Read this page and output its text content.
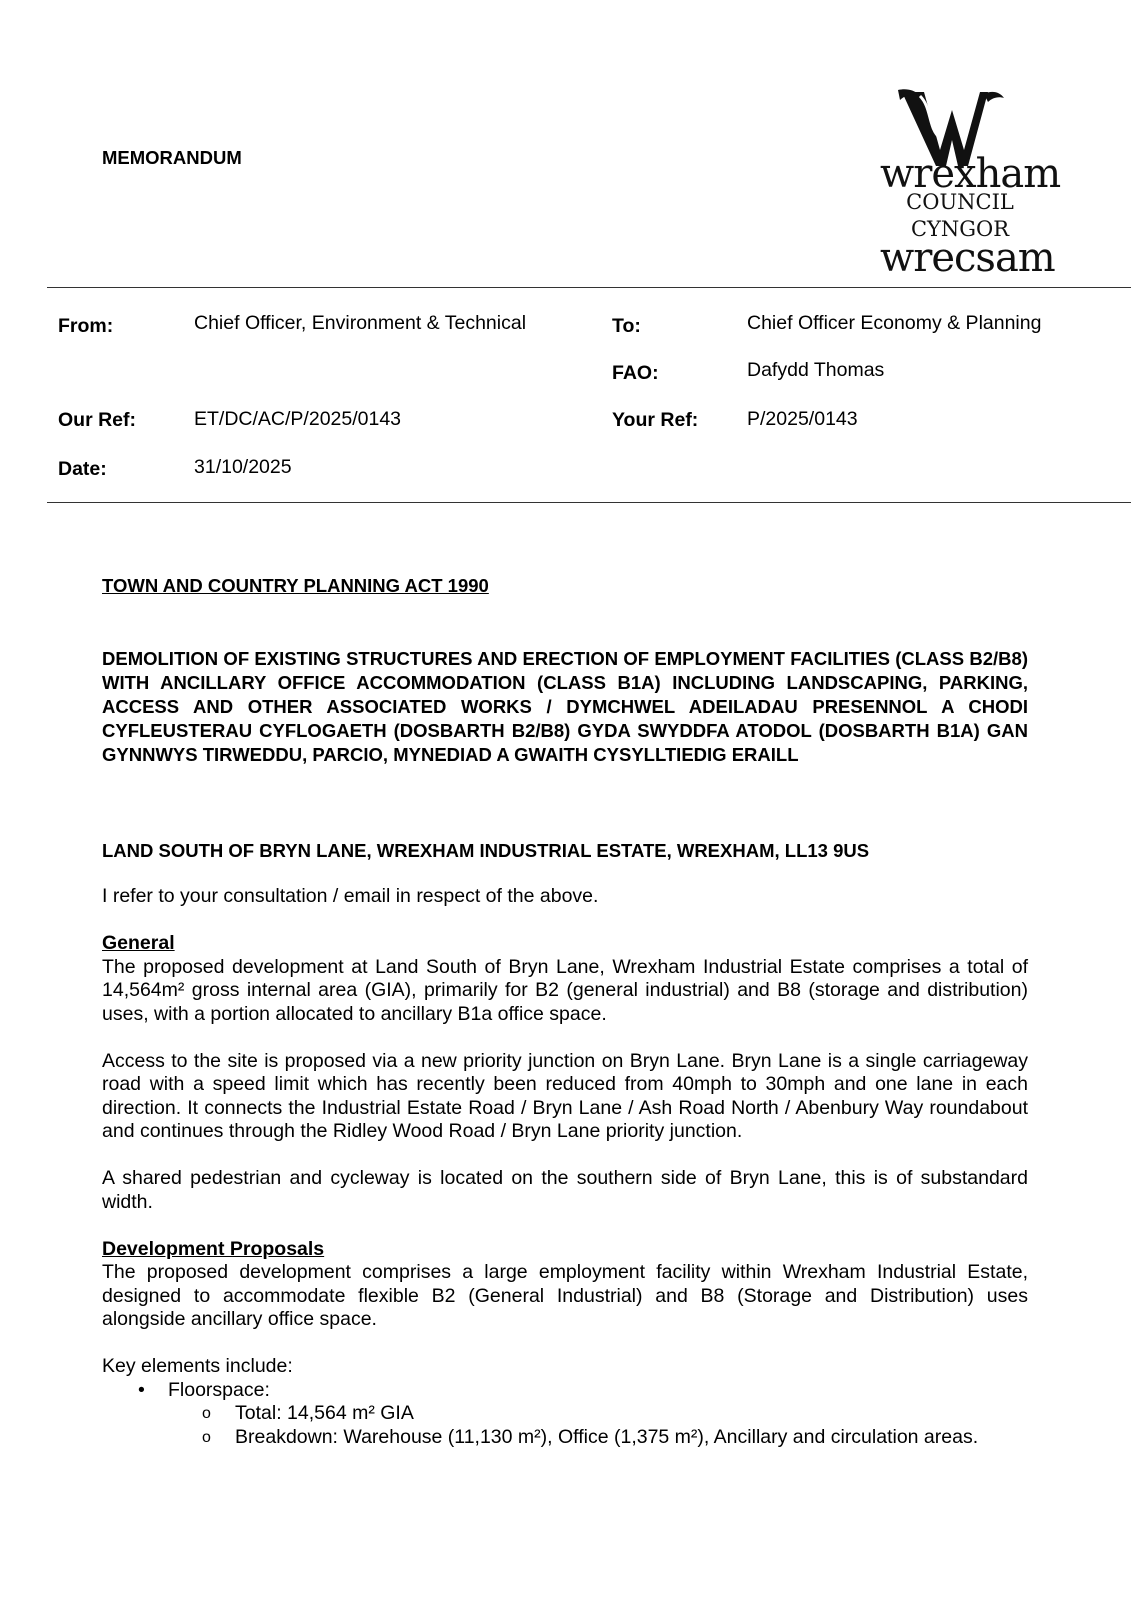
MEMORANDUM	wrexham
COUNCIL
CYNGOR
wrecsam
From:	Chief Officer, Environment & Technical	To:	Chief Officer Economy & Planning
FAO:	Dafydd Thomas
Our Ref:	ET/DC/AC/P/2025/0143	Your Ref: P/2025/0143
Date:	31/10/2025
TOWN AND COUNTRY PLANNING ACT 1990
DEMOLITION OF EXISTING STRUCTURES AND ERECTION OF EMPLOYMENT FACILITIES (CLASS B2/B8) WITH ANCILLARY OFFICE ACCOMMODATION (CLASS B1A) INCLUDING LANDSCAPING, PARKING, ACCESS AND OTHER ASSOCIATED WORKS / DYMCHWEL ADEILADAU PRESENNOL A CHODI CYFLEUSTERAU CYFLOGAETH (DOSBARTH B2/B8) GYDA SWYDDFA ATODOL (DOSBARTH B1A) GAN GYNNWYS TIRWEDDU, PARCIO, MYNEDIAD A GWAITH CYSYLLTIEDIG ERAILL
LAND SOUTH OF BRYN LANE, WREXHAM INDUSTRIAL ESTATE, WREXHAM, LL13 9US

I refer to your consultation / email in respect of the above.

General

The proposed development at Land South of Bryn Lane, Wrexham Industrial Estate comprises a total of 14,564m² gross internal area (GIA), primarily for B2 (general industrial) and B8 (storage and distribution) uses, with a portion allocated to ancillary B1a office space.

Access to the site is proposed via a new priority junction on Bryn Lane. Bryn Lane is a single carriageway road with a speed limit which has recently been reduced from 40mph to 30mph and one lane in each direction. It connects the Industrial Estate Road / Bryn Lane / Ash Road North / Abenbury Way roundabout and continues through the Ridley Wood Road / Bryn Lane priority junction.

A shared pedestrian and cycleway is located on the southern side of Bryn Lane, this is of substandard width.

Development Proposals

The proposed development comprises a large employment facility within Wrexham Industrial Estate, designed to accommodate flexible B2 (General Industrial) and B8 (Storage and Distribution) uses alongside ancillary office space.

Key elements include:
• Floorspace:
o Total: 14,564 m² GIA
o Breakdown: Warehouse (11,130 m²), Office (1,375 m²), Ancillary and circulation areas.
